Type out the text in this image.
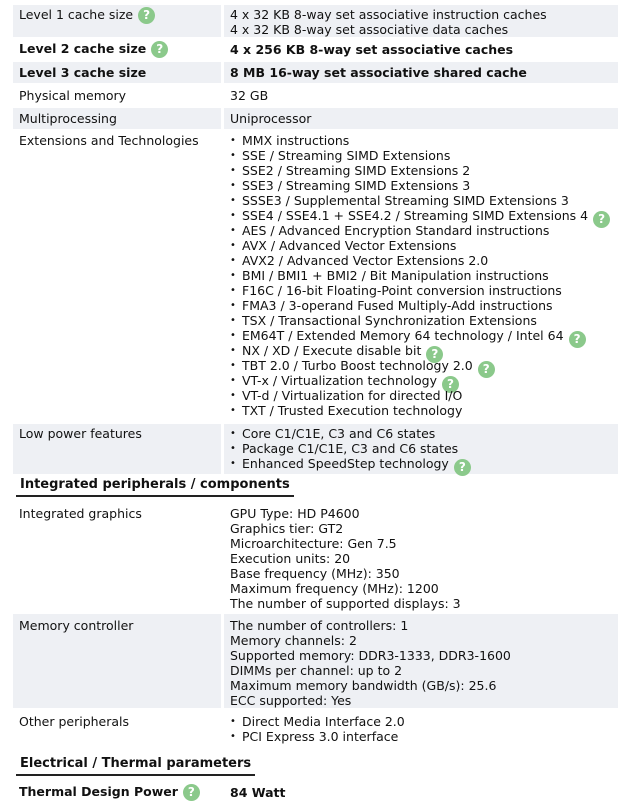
Level 1 cache size ?	4 x 32 KB 8-way set associative instruction caches
4 x 32 KB 8-way set associative data caches
Level 2 cache size ?	4 x 256 KB 8-way set associative caches
Level 3 cache size	8 MB 16-way set associative shared cache
Physical memory	32 GB
Multiprocessing	Uniprocessor
Extensions and Technologies	• MMX instructions
• SSE / Streaming SIMD Extensions
• SSE2 / Streaming SIMD Extensions 2
• SSE3 / Streaming SIMD Extensions 3
• SSSE3 / Supplemental Streaming SIMD Extensions 3
• SSE4 / SSE4.1 + SSE4.2 / Streaming SIMD Extensions 4 ?
• AES / Advanced Encryption Standard instructions
• AVX / Advanced Vector Extensions
• AVX2 / Advanced Vector Extensions 2.0
• BMI / BMI1 + BMI2 / Bit Manipulation instructions
• F16C / 16-bit Floating-Point conversion instructions
• FMA3 / 3-operand Fused Multiply-Add instructions
• TSX / Transactional Synchronization Extensions
• EM64T / Extended Memory 64 technology / Intel 64 ?
• NX / XD / Execute disable bit ?
• TBT 2.0 / Turbo Boost technology 2.0 ?
• VT-x / Virtualization technology ?
• VT-d / Virtualization for directed I/O
• TXT / Trusted Execution technology
Low power features	• Core C1/C1E, C3 and C6 states
• Package C1/C1E, C3 and C6 states
• Enhanced SpeedStep technology ?
Integrated peripherals / components
Integrated graphics	GPU Type: HD P4600
Graphics tier: GT2
Microarchitecture: Gen 7.5
Execution units: 20
Base frequency (MHz): 350
Maximum frequency (MHz): 1200
The number of supported displays: 3
Memory controller	The number of controllers: 1
Memory channels: 2
Supported memory: DDR3-1333, DDR3-1600
DIMMs per channel: up to 2
Maximum memory bandwidth (GB/s): 25.6
ECC supported: Yes
Other peripherals	• Direct Media Interface 2.0
• PCI Express 3.0 interface
Electrical / Thermal parameters
Thermal Design Power ?	84 Watt
